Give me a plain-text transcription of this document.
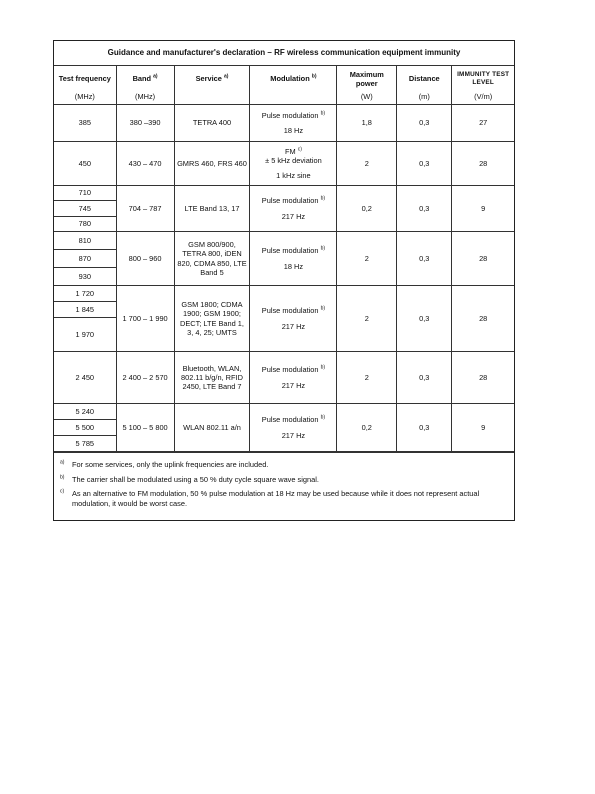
Guidance and manufacturer's declaration – RF wireless communication equipment immunity						
Test frequency	Band $^{a)}$	Service $^{a)}$	Modulation $^{b)}$	Maximum power	Distance	IMMUNITY TEST LEVEL
(MHz)	(MHz)			(W)	(m)	(V/m)
385	380 –390	TETRA 400	Pulse modulation $^{b)}$
18 Hz	1,8	0,3	27
450	430 – 470	GMRS 460, FRS 460	FM $^{c)}$
± 5 kHz deviation
1 kHz sine	2	0,3	28
710	704 – 787	LTE Band 13, 17	Pulse modulation $^{b)}$
217 Hz	0,2	0,3	9
745						
780						
810	800 – 960	GSM 800/900, TETRA 800, iDEN 820, CDMA 850, LTE Band 5	Pulse modulation $^{b)}$
18 Hz	2	0,3	28
870						
930						
1 720	1 700 – 1 990	GSM 1800; CDMA 1900; GSM 1900; DECT; LTE Band 1, 3, 4, 25; UMTS	Pulse modulation $^{b)}$
217 Hz	2	0,3	28
1 845						
1 970						
2 450	2 400 – 2 570	Bluetooth, WLAN, 802.11 b/g/n, RFID 2450, LTE Band 7	Pulse modulation $^{b)}$
217 Hz	2	0,3	28
5 240	5 100 – 5 800	WLAN 802.11 a/n	Pulse modulation $^{b)}$
217 Hz	0,2	0,3	9
5 500						
5 785						
$^{a)}$	For some services, only the uplink frequencies are included.
$^{b)}$	The carrier shall be modulated using a 50 % duty cycle square wave signal.
$^{c)}$	As an alternative to FM modulation, 50 % pulse modulation at 18 Hz may be used because while it does not represent actual modulation, it would be worst case.
